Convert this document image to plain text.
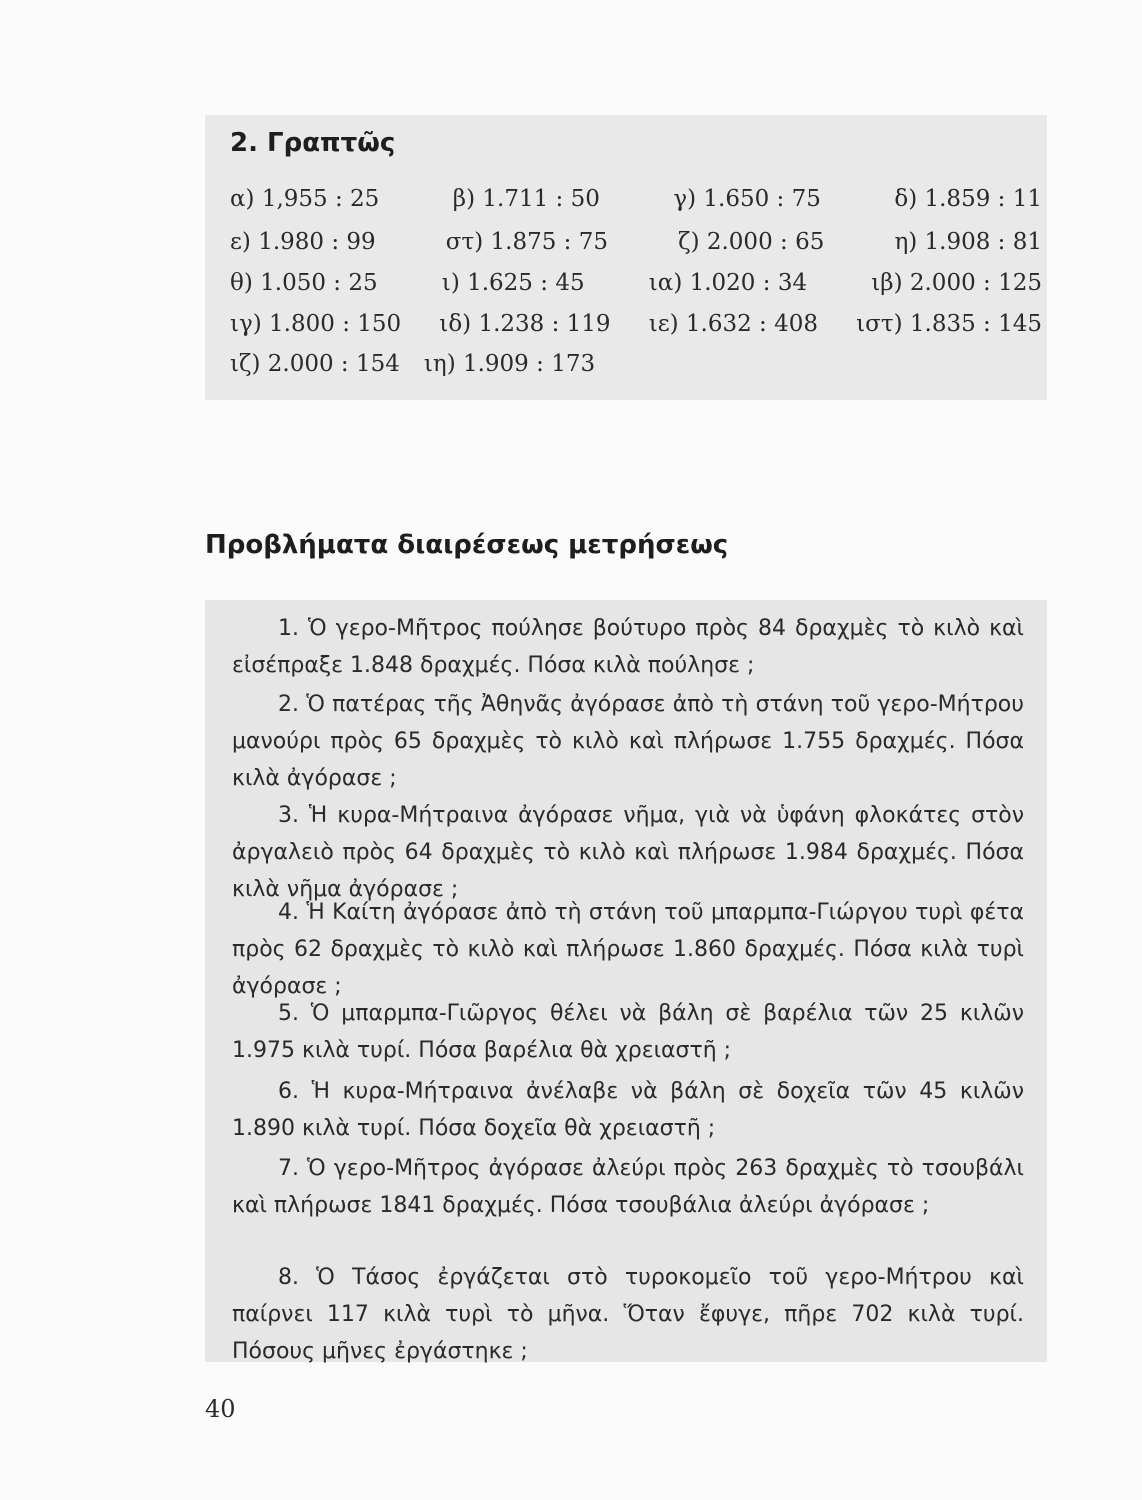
2. Γραπτῶς
α) 1,955 : 25	β) 1.711 : 50	γ) 1.650 : 75	δ) 1.859 : 11
ε) 1.980 : 99	στ) 1.875 : 75	ζ) 2.000 : 65	η) 1.908 : 81
θ) 1.050 : 25	ι) 1.625 : 45	ια) 1.020 : 34	ιβ) 2.000 : 125
ιγ) 1.800 : 150 ιδ) 1.238 : 119 ιε) 1.632 : 408 ιστ) 1.835 : 145
ιζ) 2.000 : 154 ιη) 1.909 : 173
Προβλήματα διαιρέσεως μετρήσεως
1. Ὁ γερο-Μῆτρος πούλησε βούτυρο πρὸς 84 δραχμὲς τὸ κιλὸ καὶ εἰσέπραξε 1.848 δραχμές. Πόσα κιλὰ πούλησε ;
2. Ὁ πατέρας τῆς Ἀθηνᾶς ἀγόρασε ἀπὸ τὴ στάνη τοῦ γερο-Μήτρου μανούρι πρὸς 65 δραχμὲς τὸ κιλὸ καὶ πλήρωσε 1.755 δραχμές. Πόσα κιλὰ ἀγόρασε ;
3. Ἡ κυρα-Μήτραινα ἀγόρασε νῆμα, γιὰ νὰ ὑφάνη φλοκάτες στὸν ἀργαλειὸ πρὸς 64 δραχμὲς τὸ κιλὸ καὶ πλήρωσε 1.984 δραχμές. Πόσα κιλὰ νῆμα ἀγόρασε ;
4. Ἡ Καίτη ἀγόρασε ἀπὸ τὴ στάνη τοῦ μπαρμπα-Γιώργου τυρὶ φέτα πρὸς 62 δραχμὲς τὸ κιλὸ καὶ πλήρωσε 1.860 δραχμές. Πόσα κιλὰ τυρὶ ἀγόρασε ;
5. Ὁ μπαρμπα-Γιῶργος θέλει νὰ βάλη σὲ βαρέλια τῶν 25 κιλῶν 1.975 κιλὰ τυρί. Πόσα βαρέλια θὰ χρειαστῆ ;
6. Ἡ κυρα-Μήτραινα ἀνέλαβε νὰ βάλη σὲ δοχεῖα τῶν 45 κιλῶν 1.890 κιλὰ τυρί. Πόσα δοχεῖα θὰ χρειαστῆ ;
7. Ὁ γερο-Μῆτρος ἀγόρασε ἀλεύρι πρὸς 263 δραχμὲς τὸ τσουβάλι καὶ πλήρωσε 1841 δραχμές. Πόσα τσουβάλια ἀλεύρι ἀγόρασε ;
8. Ὁ Τάσος ἐργάζεται στὸ τυροκομεῖο τοῦ γερο-Μήτρου καὶ παίρνει 117 κιλὰ τυρὶ τὸ μῆνα. Ὅταν ἔφυγε, πῆρε 702 κιλὰ τυρί. Πόσους μῆνες ἐργάστηκε ;
40
